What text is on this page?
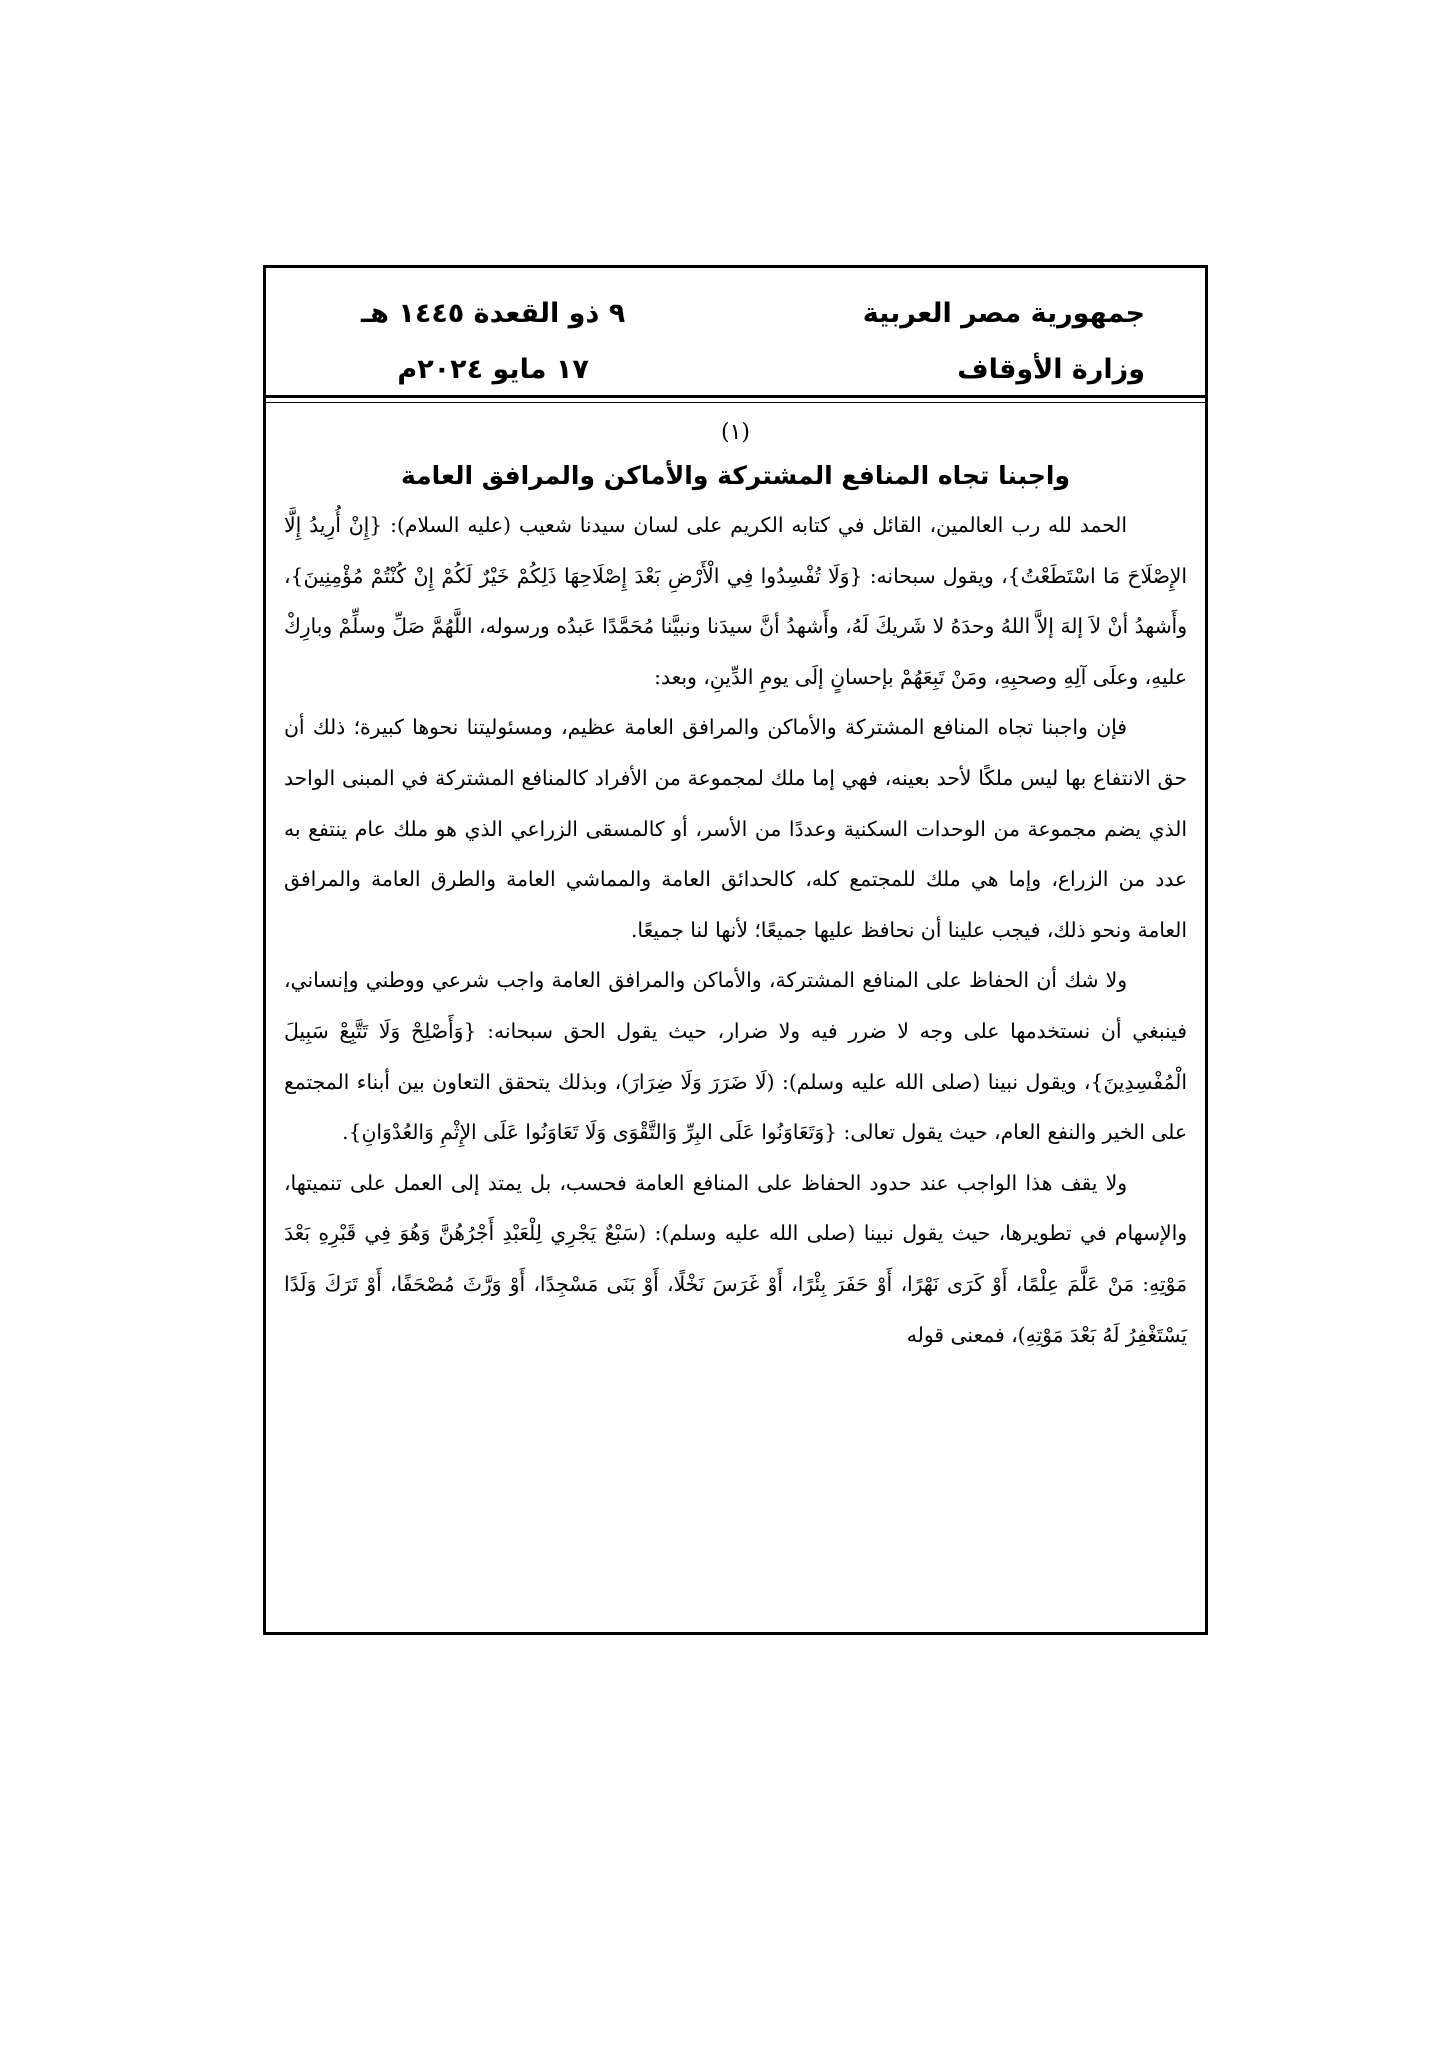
جمهورية مصر العربية
وزارة الأوقاف
٩ ذو القعدة ١٤٤٥ هـ
١٧ مايو ٢٠٢٤م

(١)

واجبنا تجاه المنافع المشتركة والأماكن والمرافق العامة

الحمد لله رب العالمين، القائل في كتابه الكريم على لسان سيدنا شعيب (عليه السلام): {إِنْ أُرِيدُ إِلَّا الإِصْلَاحَ مَا اسْتَطَعْتُ}، ويقول سبحانه: {وَلَا تُفْسِدُوا فِي الْأَرْضِ بَعْدَ إِصْلَاحِهَا ذَلِكُمْ خَيْرٌ لَكُمْ إِنْ كُنْتُمْ مُؤْمِنِينَ}، وأَشهدُ أنْ لاَ إلهَ إلاَّ اللهُ وحدَهُ لا شَريكَ لَهُ، وأَشهدُ أنَّ سيدَنا ونبيَّنا مُحَمَّدًا عَبدُه ورسوله، اللَّهُمَّ صَلِّ وسلِّمْ وبارِكْ عليهِ، وعلَى آلِهِ وصحبِهِ، ومَنْ تَبِعَهُمْ بإحسانٍ إلَى يومِ الدِّينِ، وبعد:

فإن واجبنا تجاه المنافع المشتركة والأماكن والمرافق العامة عظيم، ومسئوليتنا نحوها كبيرة؛ ذلك أن حق الانتفاع بها ليس ملكًا لأحد بعينه، فهي إما ملك لمجموعة من الأفراد كالمنافع المشتركة في المبنى الواحد الذي يضم مجموعة من الوحدات السكنية وعددًا من الأسر، أو كالمسقى الزراعي الذي هو ملك عام ينتفع به عدد من الزراع، وإما هي ملك للمجتمع كله، كالحدائق العامة والمماشي العامة والطرق العامة والمرافق العامة ونحو ذلك، فيجب علينا أن نحافظ عليها جميعًا؛ لأنها لنا جميعًا.

ولا شك أن الحفاظ على المنافع المشتركة، والأماكن والمرافق العامة واجب شرعي ووطني وإنساني، فينبغي أن نستخدمها على وجه لا ضرر فيه ولا ضرار، حيث يقول الحق سبحانه: {وَأَصْلِحْ وَلَا تَتَّبِعْ سَبِيلَ الْمُفْسِدِينَ}، ويقول نبينا (صلى الله عليه وسلم): (لَا ضَرَرَ وَلَا ضِرَارَ)، وبذلك يتحقق التعاون بين أبناء المجتمع على الخير والنفع العام، حيث يقول تعالى: {وَتَعَاوَنُوا عَلَى البِرِّ وَالتَّقْوَى وَلَا تَعَاوَنُوا عَلَى الإِثْمِ وَالعُدْوَانِ}.

ولا يقف هذا الواجب عند حدود الحفاظ على المنافع العامة فحسب، بل يمتد إلى العمل على تنميتها، والإسهام في تطويرها، حيث يقول نبينا (صلى الله عليه وسلم): (سَبْعٌ يَجْرِي لِلْعَبْدِ أَجْرُهُنَّ وَهُوَ فِي قَبْرِهِ بَعْدَ مَوْتِهِ: مَنْ عَلَّمَ عِلْمًا، أَوْ كَرَى نَهْرًا، أَوْ حَفَرَ بِئْرًا، أَوْ غَرَسَ نَخْلًا، أَوْ بَنَى مَسْجِدًا، أَوْ وَرَّثَ مُصْحَفًا، أَوْ تَرَكَ وَلَدًا يَسْتَغْفِرُ لَهُ بَعْدَ مَوْتِهِ)، فمعنى قوله
